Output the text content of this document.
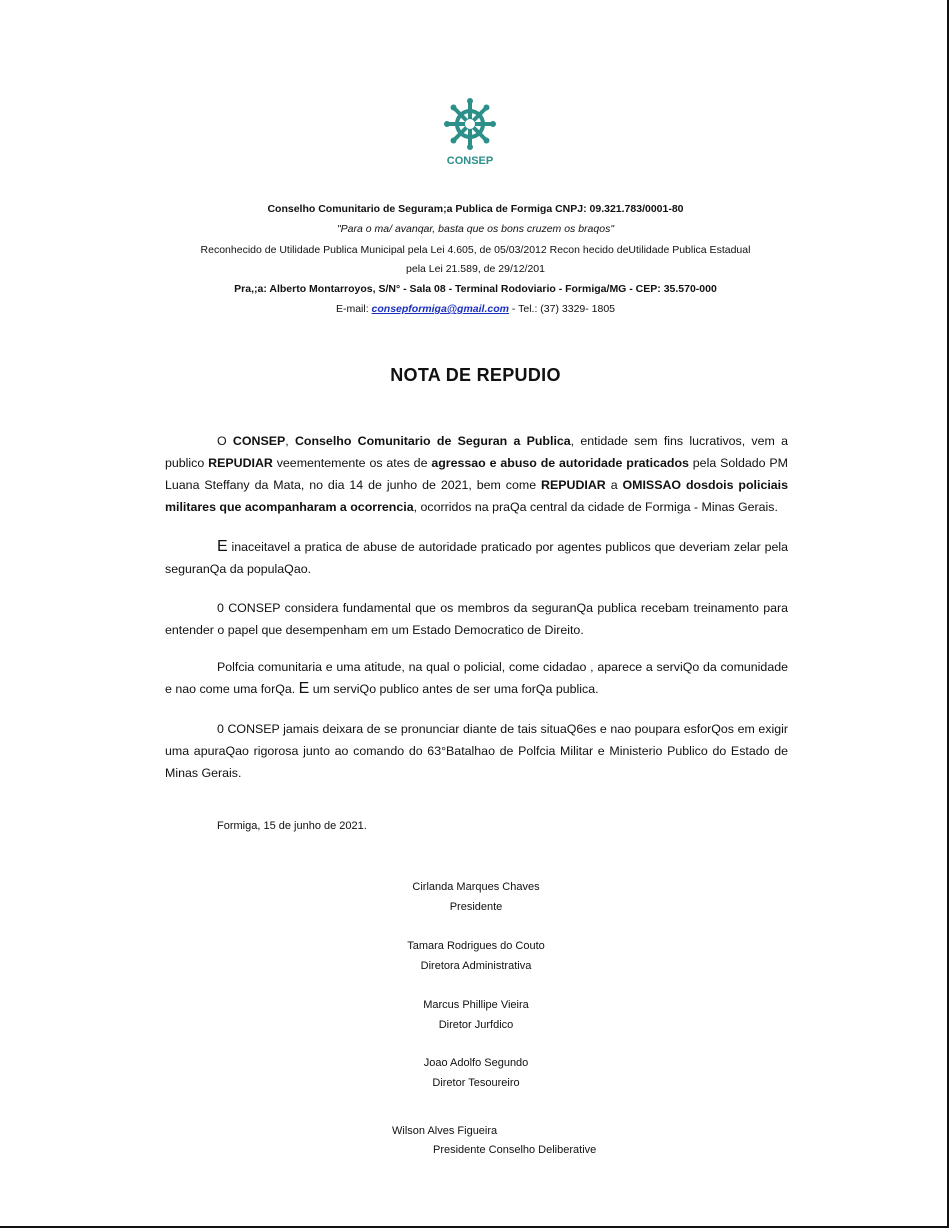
CONSEP
Conselho Comunitario de Seguram;a Publica de Formiga CNPJ: 09.321.783/0001-80
"Para o ma/ avanqar, basta que os bons cruzem os braqos"
Reconhecido de Utilidade Publica Municipal pela Lei 4.605, de 05/03/2012 Recon hecido deUtilidade Publica Estadual
pela Lei 21.589, de 29/12/201
Pra,;a: Alberto Montarroyos, S/N° - Sala 08 - Terminal Rodoviario - Formiga/MG - CEP: 35.570-000
E-mail: consepformiga@gmail.com - Tel.: (37) 3329- 1805
NOTA DE REPUDIO

O CONSEP, Conselho Comunitario de Seguran a Publica, entidade sem fins lucrativos, vem a publico REPUDIAR veementemente os ates de agressao e abuso de autoridade praticados pela Soldado PM Luana Steffany da Mata, no dia 14 de junho de 2021, bem come REPUDIAR a OMISSAO dosdois policiais militares que acompanharam a ocorrencia, ocorridos na praQa central da cidade de Formiga - Minas Gerais.

E inaceitavel a pratica de abuse de autoridade praticado por agentes publicos que deveriam zelar pela seguranQa da populaQao.

0 CONSEP considera fundamental que os membros da seguranQa publica recebam treinamento para entender o papel que desempenham em um Estado Democratico de Direito.

Polfcia comunitaria e uma atitude, na qual o policial, come cidadao , aparece a serviQo da comunidade e nao come uma forQa. E um serviQo publico antes de ser uma forQa publica.

0 CONSEP jamais deixara de se pronunciar diante de tais situaQ6es e nao poupara esforQos em exigir uma apuraQao rigorosa junto ao comando do 63°Batalhao de Polfcia Militar e Ministerio Publico do Estado de Minas Gerais.

Formiga, 15 de junho de 2021.
Cirlanda Marques Chaves
Presidente
Tamara Rodrigues do Couto
Diretora Administrativa
Marcus Phillipe Vieira
Diretor Jurfdico
Joao Adolfo Segundo
Diretor Tesoureiro
Wilson Alves Figueira
Presidente Conselho Deliberative
